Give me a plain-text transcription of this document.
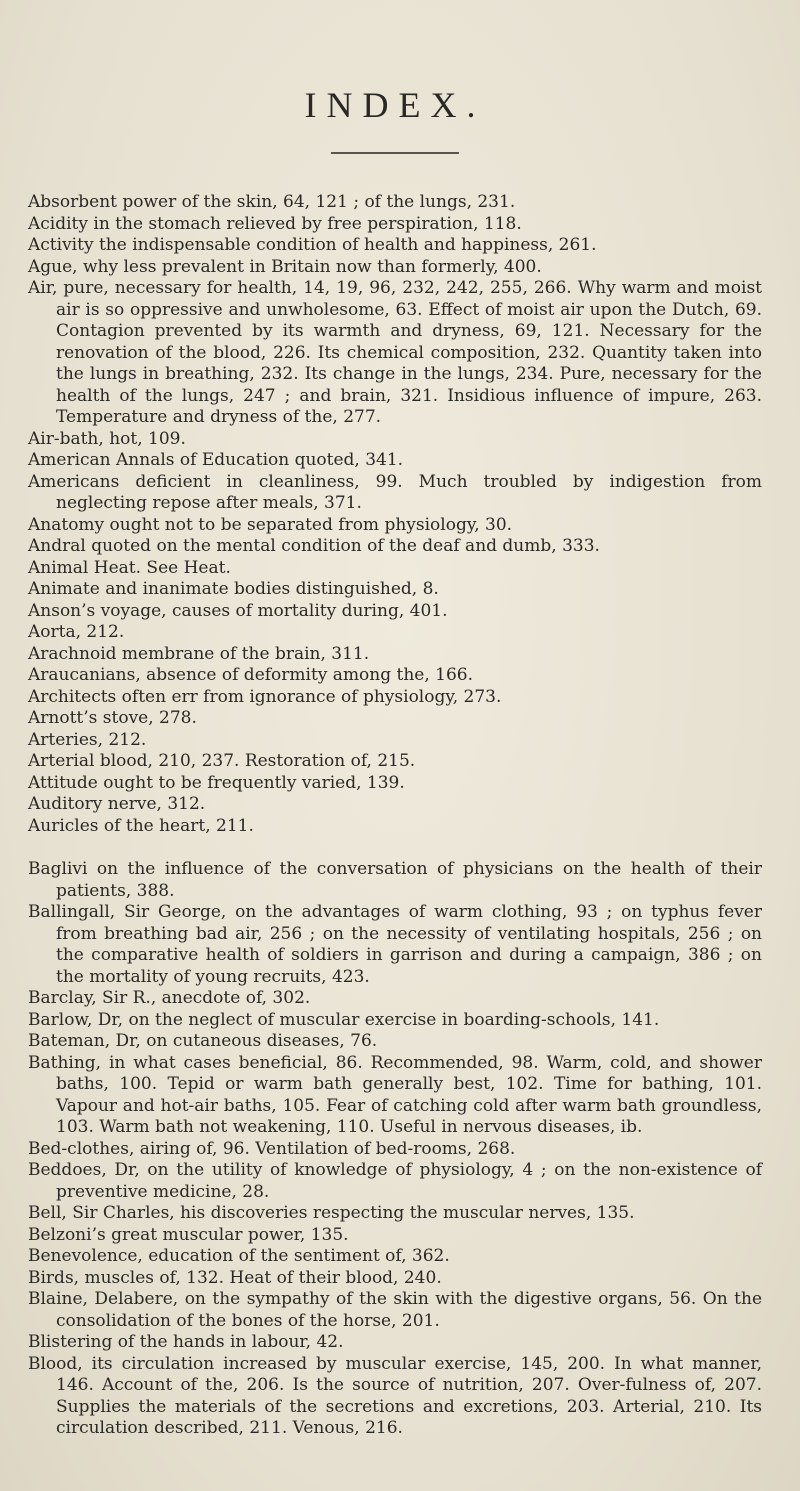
INDEX.

Absorbent power of the skin, 64, 121 ; of the lungs, 231.

Acidity in the stomach relieved by free perspiration, 118.

Activity the indispensable condition of health and happiness, 261.

Ague, why less prevalent in Britain now than formerly, 400.

Air, pure, necessary for health, 14, 19, 96, 232, 242, 255, 266. Why warm and moist air is so oppressive and unwholesome, 63. Effect of moist air upon the Dutch, 69. Contagion prevented by its warmth and dryness, 69, 121. Necessary for the renovation of the blood, 226. Its chemical composition, 232. Quantity taken into the lungs in breathing, 232. Its change in the lungs, 234. Pure, necessary for the health of the lungs, 247 ; and brain, 321. Insidious influence of impure, 263. Temperature and dryness of the, 277.

Air-bath, hot, 109.

American Annals of Education quoted, 341.

Americans deficient in cleanliness, 99. Much troubled by indigestion from neglecting repose after meals, 371.

Anatomy ought not to be separated from physiology, 30.

Andral quoted on the mental condition of the deaf and dumb, 333.

Animal Heat. See Heat.

Animate and inanimate bodies distinguished, 8.

Anson’s voyage, causes of mortality during, 401.

Aorta, 212.

Arachnoid membrane of the brain, 311.

Araucanians, absence of deformity among the, 166.

Architects often err from ignorance of physiology, 273.

Arnott’s stove, 278.

Arteries, 212.

Arterial blood, 210, 237. Restoration of, 215.

Attitude ought to be frequently varied, 139.

Auditory nerve, 312.

Auricles of the heart, 211.

Baglivi on the influence of the conversation of physicians on the health of their patients, 388.

Ballingall, Sir George, on the advantages of warm clothing, 93 ; on typhus fever from breathing bad air, 256 ; on the necessity of ventilating hospitals, 256 ; on the comparative health of soldiers in garrison and during a campaign, 386 ; on the mortality of young recruits, 423.

Barclay, Sir R., anecdote of, 302.

Barlow, Dr, on the neglect of muscular exercise in boarding-schools, 141.

Bateman, Dr, on cutaneous diseases, 76.

Bathing, in what cases beneficial, 86. Recommended, 98. Warm, cold, and shower baths, 100. Tepid or warm bath generally best, 102. Time for bathing, 101. Vapour and hot-air baths, 105. Fear of catching cold after warm bath groundless, 103. Warm bath not weakening, 110. Useful in nervous diseases, ib.

Bed-clothes, airing of, 96. Ventilation of bed-rooms, 268.

Beddoes, Dr, on the utility of knowledge of physiology, 4 ; on the non-existence of preventive medicine, 28.

Bell, Sir Charles, his discoveries respecting the muscular nerves, 135.

Belzoni’s great muscular power, 135.

Benevolence, education of the sentiment of, 362.

Birds, muscles of, 132. Heat of their blood, 240.

Blaine, Delabere, on the sympathy of the skin with the digestive organs, 56. On the consolidation of the bones of the horse, 201.

Blistering of the hands in labour, 42.

Blood, its circulation increased by muscular exercise, 145, 200. In what manner, 146. Account of the, 206. Is the source of nutrition, 207. Over-fulness of, 207. Supplies the materials of the secretions and excretions, 203. Arterial, 210. Its circulation described, 211. Venous, 216.
